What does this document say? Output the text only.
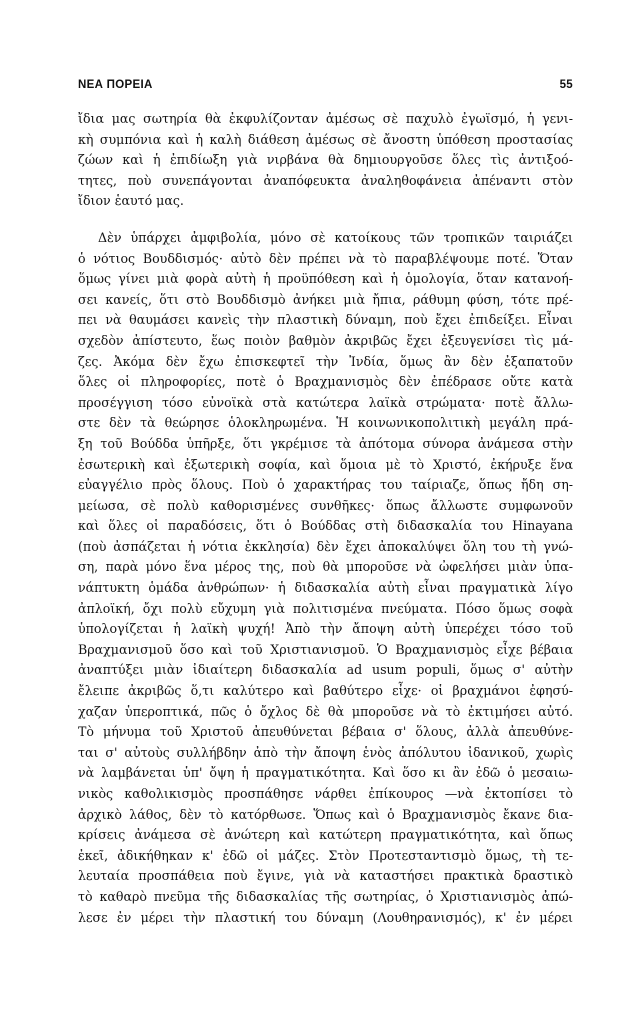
ΝΕΑ ΠΟΡΕΙΑ	55

ἴδια μας σωτηρία θὰ ἐκφυλίζονταν ἀμέσως σὲ παχυλὸ ἐγωϊσμό, ἡ γενι-
κὴ συμπόνια καὶ ἡ καλὴ διάθεση ἀμέσως σὲ ἄνοστη ὑπόθεση προστασίας
ζώων καὶ ἡ ἐπιδίωξη γιὰ νιρβάνα θὰ δημιουργοῦσε ὅλες τὶς ἀντιξοό-
τητες, ποὺ συνεπάγονται ἀναπόφευκτα ἀναληθοφάνεια ἀπέναντι στὸν
ἴδιον ἑαυτό μας.

Δὲν ὑπάρχει ἀμφιβολία, μόνο σὲ κατοίκους τῶν τροπικῶν ταιριάζει
ὁ νότιος Βουδδισμός· αὐτὸ δὲν πρέπει νὰ τὸ παραβλέψουμε ποτέ. Ὅταν
ὅμως γίνει μιὰ φορὰ αὐτὴ ἡ προϋπόθεση καὶ ἡ ὁμολογία, ὅταν κατανοή-
σει κανείς, ὅτι στὸ Βουδδισμὸ ἀνήκει μιὰ ἤπια, ράθυμη φύση, τότε πρέ-
πει νὰ θαυμάσει κανεὶς τὴν πλαστικὴ δύναμη, ποὺ ἔχει ἐπιδείξει. Εἶναι
σχεδὸν ἀπίστευτο, ἕως ποιὸν βαθμὸν ἀκριβῶς ἔχει ἐξευγενίσει τὶς μά-
ζες. Ἀκόμα δὲν ἔχω ἐπισκεφτεῖ τὴν Ἰνδία, ὅμως ἂν δὲν ἐξαπατοῦν
ὅλες οἱ πληροφορίες, ποτὲ ὁ Βραχμανισμὸς δὲν ἐπέδρασε οὔτε κατὰ
προσέγγιση τόσο εὐνοϊκὰ στὰ κατώτερα λαϊκὰ στρώματα· ποτὲ ἄλλω-
στε δὲν τὰ θεώρησε ὁλοκληρωμένα. Ἡ κοινωνικοπολιτικὴ μεγάλη πρά-
ξη τοῦ Βούδδα ὑπῆρξε, ὅτι γκρέμισε τὰ ἀπότομα σύνορα ἀνάμεσα στὴν
ἐσωτερικὴ καὶ ἐξωτερικὴ σοφία, καὶ ὅμοια μὲ τὸ Χριστό, ἐκήρυξε ἕνα
εὐαγγέλιο πρὸς ὅλους. Ποὺ ὁ χαρακτήρας του ταίριαζε, ὅπως ἤδη ση-
μείωσα, σὲ πολὺ καθορισμένες συνθῆκες· ὅπως ἄλλωστε συμφωνοῦν
καὶ ὅλες οἱ παραδόσεις, ὅτι ὁ Βούδδας στὴ διδασκαλία του Hinayana
(ποὺ ἀσπάζεται ἡ νότια ἐκκλησία) δὲν ἔχει ἀποκαλύψει ὅλη του τὴ γνώ-
ση, παρὰ μόνο ἕνα μέρος της, ποὺ θὰ μποροῦσε νὰ ὠφελήσει μιὰν ὑπα-
νάπτυκτη ὁμάδα ἀνθρώπων· ἡ διδασκαλία αὐτὴ εἶναι πραγματικὰ λίγο
ἀπλοϊκή, ὄχι πολὺ εὔχυμη γιὰ πολιτισμένα πνεύματα. Πόσο ὅμως σοφὰ
ὑπολογίζεται ἡ λαϊκὴ ψυχή! Ἀπὸ τὴν ἄποψη αὐτὴ ὑπερέχει τόσο τοῦ
Βραχμανισμοῦ ὅσο καὶ τοῦ Χριστιανισμοῦ. Ὁ Βραχμανισμὸς εἶχε βέβαια
ἀναπτύξει μιὰν ἰδιαίτερη διδασκαλία ad usum populi, ὅμως σ' αὐτὴν
ἔλειπε ἀκριβῶς ὅ,τι καλύτερο καὶ βαθύτερο εἶχε· οἱ βραχμάνοι ἐφησύ-
χαζαν ὑπεροπτικά, πῶς ὁ ὄχλος δὲ θὰ μποροῦσε νὰ τὸ ἐκτιμήσει αὐτό.
Τὸ μήνυμα τοῦ Χριστοῦ ἀπευθύνεται βέβαια σ' ὅλους, ἀλλὰ ἀπευθύνε-
ται σ' αὐτοὺς συλλήβδην ἀπὸ τὴν ἄποψη ἑνὸς ἀπόλυτου ἰδανικοῦ, χωρὶς
νὰ λαμβάνεται ὑπ' ὄψη ἡ πραγματικότητα. Καὶ ὅσο κι ἂν ἐδῶ ὁ μεσαιω-
νικὸς καθολικισμὸς προσπάθησε νάρθει ἐπίκουρος —νὰ ἐκτοπίσει τὸ
ἀρχικὸ λάθος, δὲν τὸ κατόρθωσε. Ὅπως καὶ ὁ Βραχμανισμὸς ἔκανε δια-
κρίσεις ἀνάμεσα σὲ ἀνώτερη καὶ κατώτερη πραγματικότητα, καὶ ὅπως
ἐκεῖ, ἀδικήθηκαν κ' ἐδῶ οἱ μάζες. Στὸν Προτεσταντισμὸ ὅμως, τὴ τε-
λευταία προσπάθεια ποὺ ἔγινε, γιὰ νὰ καταστήσει πρακτικὰ δραστικὸ
τὸ καθαρὸ πνεῦμα τῆς διδασκαλίας τῆς σωτηρίας, ὁ Χριστιανισμὸς ἀπώ-
λεσε ἐν μέρει τὴν πλαστική του δύναμη (Λουθηρανισμός), κ' ἐν μέρει
